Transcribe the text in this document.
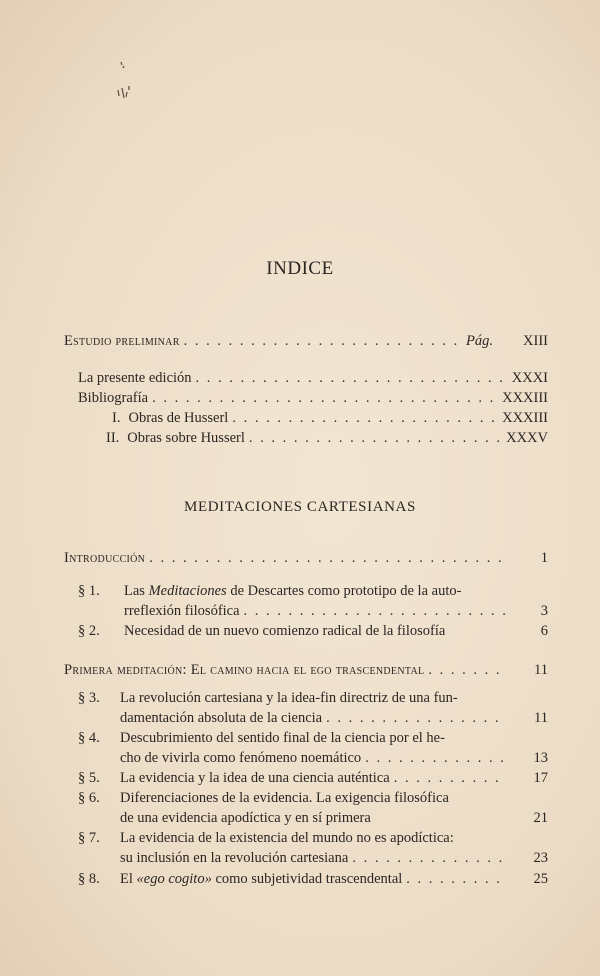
INDICE
Estudio preliminar . . .	Pág. XIII
La presente edición . . .	XXXI
Bibliografía . . .	XXXIII
I. Obras de Husserl . . .	XXXIII
II. Obras sobre Husserl . . .	XXXV
MEDITACIONES CARTESIANAS
Introducción . . .	1
§ 1. Las Meditaciones de Descartes como prototipo de la auto-
rreflexión filosófica . . .	3
§ 2. Necesidad de un nuevo comienzo radical de la filosofía	6
Primera meditación: El camino hacia el ego trascendental . . .	11
§ 3. La revolución cartesiana y la idea-fin directriz de una fun-
damentación absoluta de la ciencia . . .	11
§ 4. Descubrimiento del sentido final de la ciencia por el he-
cho de vivirla como fenómeno noemático . . .	13
§ 5. La evidencia y la idea de una ciencia auténtica . . .	17
§ 6. Diferenciaciones de la evidencia. La exigencia filosófica
de una evidencia apodíctica y en sí primera	21
§ 7. La evidencia de la existencia del mundo no es apodíctica:
su inclusión en la revolución cartesiana . . .	23
§ 8. El «ego cogito» como subjetividad trascendental . . .	25
